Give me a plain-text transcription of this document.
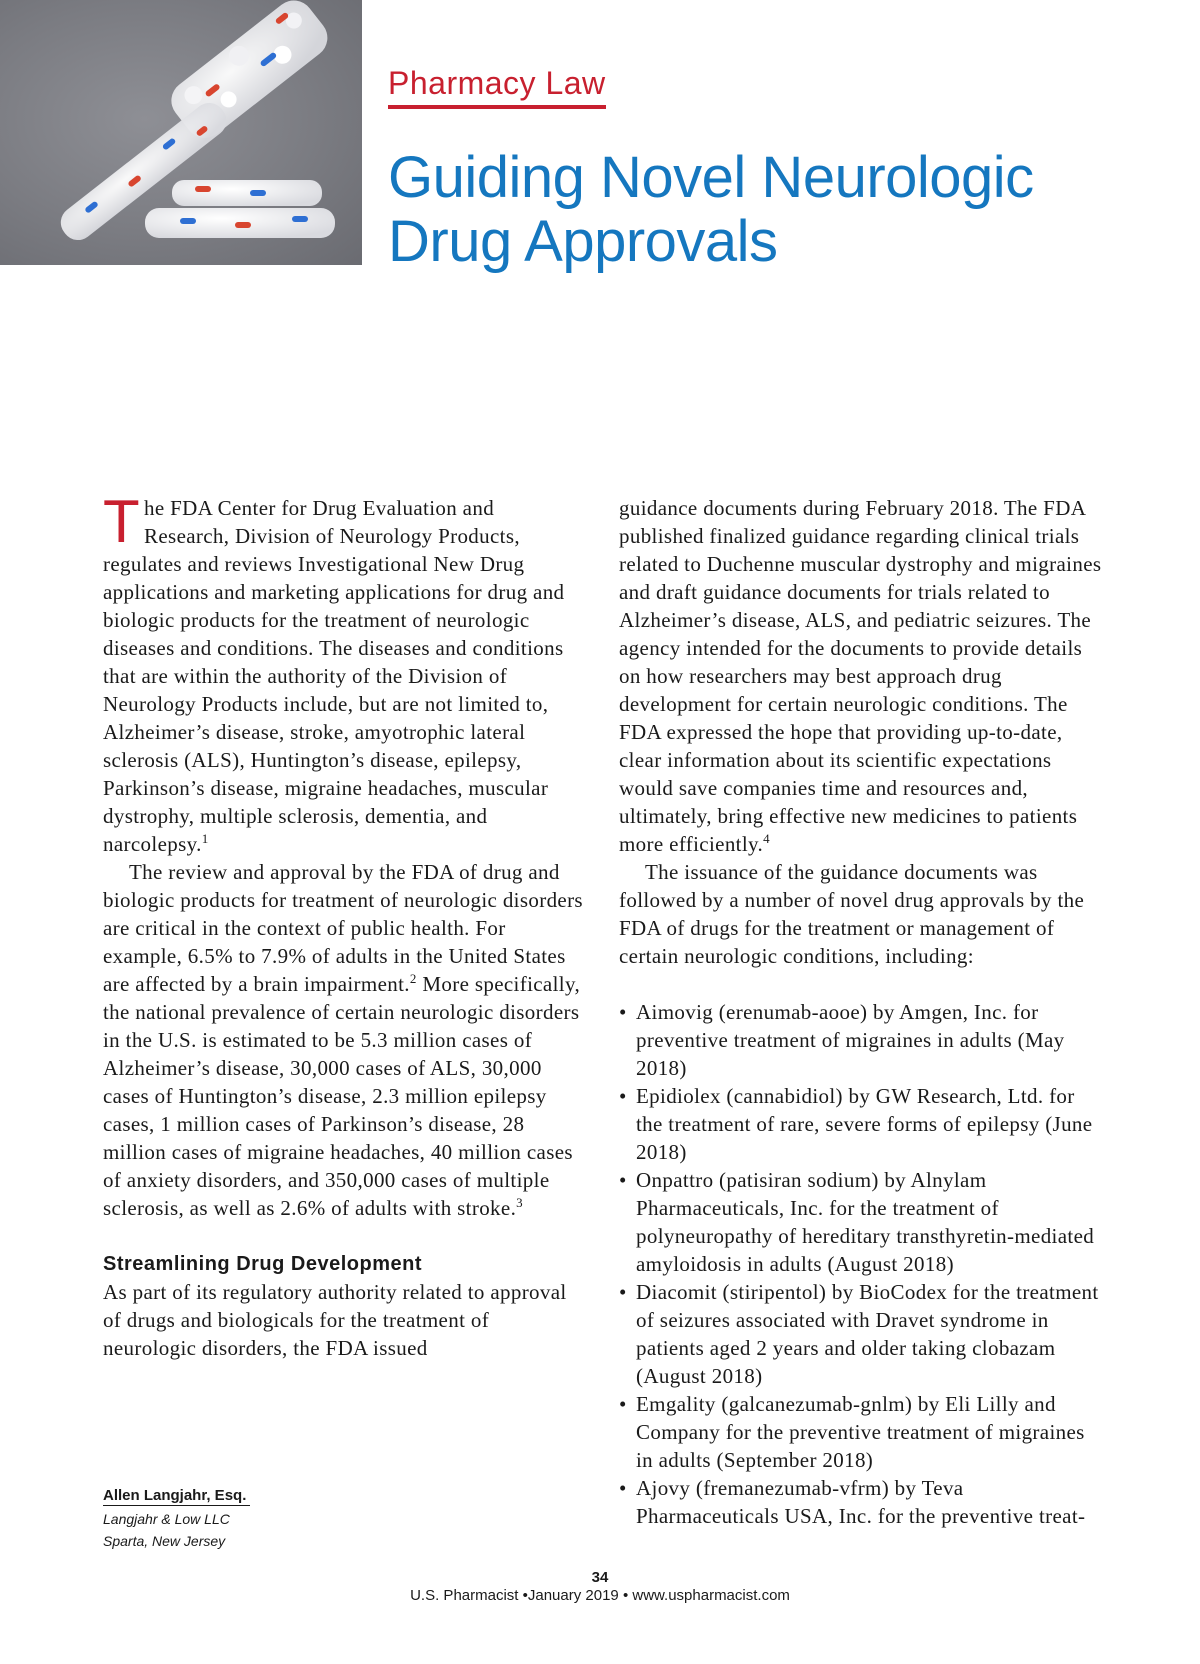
Pharmacy Law
Guiding Novel Neurologic
Drug Approvals

The FDA Center for Drug Evaluation and Research, Division of Neurology Products, regulates and reviews Investigational New Drug applications and marketing applications for drug and biologic products for the treatment of neurologic diseases and conditions. The diseases and conditions that are within the authority of the Division of Neurology Products include, but are not limited to, Alzheimer’s disease, stroke, amyotrophic lateral sclerosis (ALS), Huntington’s disease, epilepsy, Parkinson’s disease, migraine headaches, muscular dystrophy, multiple sclerosis, dementia, and narcolepsy.$^1$

The review and approval by the FDA of drug and biologic products for treatment of neurologic disorders are critical in the context of public health. For example, 6.5% to 7.9% of adults in the United States are affected by a brain impairment.$^2$ More specifically, the national prevalence of certain neurologic disorders in the U.S. is estimated to be 5.3 million cases of Alzheimer’s disease, 30,000 cases of ALS, 30,000 cases of Huntington’s disease, 2.3 million epilepsy cases, 1 million cases of Parkinson’s disease, 28 million cases of migraine headaches, 40 million cases of anxiety disorders, and 350,000 cases of multiple sclerosis, as well as 2.6% of adults with stroke.$^3$

Streamlining Drug Development

As part of its regulatory authority related to approval of drugs and biologicals for the treatment of neurologic disorders, the FDA issued

guidance documents during February 2018. The FDA published finalized guidance regarding clinical trials related to Duchenne muscular dystrophy and migraines and draft guidance documents for trials related to Alzheimer’s disease, ALS, and pediatric seizures. The agency intended for the documents to provide details on how researchers may best approach drug development for certain neurologic conditions. The FDA expressed the hope that providing up-to-date, clear information about its scientific expectations would save companies time and resources and, ultimately, bring effective new medicines to patients more efficiently.$^4$

The issuance of the guidance documents was followed by a number of novel drug approvals by the FDA of drugs for the treatment or management of certain neurologic conditions, including:

• Aimovig (erenumab-aooe) by Amgen, Inc. for preventive treatment of migraines in adults (May 2018)
• Epidiolex (cannabidiol) by GW Research, Ltd. for the treatment of rare, severe forms of epilepsy (June 2018)
• Onpattro (patisiran sodium) by Alnylam Pharmaceuticals, Inc. for the treatment of polyneuropathy of hereditary transthyretin-mediated amyloidosis in adults (August 2018)
• Diacomit (stiripentol) by BioCodex for the treatment of seizures associated with Dravet syndrome in patients aged 2 years and older taking clobazam (August 2018)
• Emgality (galcanezumab-gnlm) by Eli Lilly and Company for the preventive treatment of migraines in adults (September 2018)
• Ajovy (fremanezumab-vfrm) by Teva Pharmaceuticals USA, Inc. for the preventive treat-
Allen Langjahr, Esq.
Langjahr & Low LLC
Sparta, New Jersey
34
U.S. Pharmacist •January 2019 • www.uspharmacist.com
